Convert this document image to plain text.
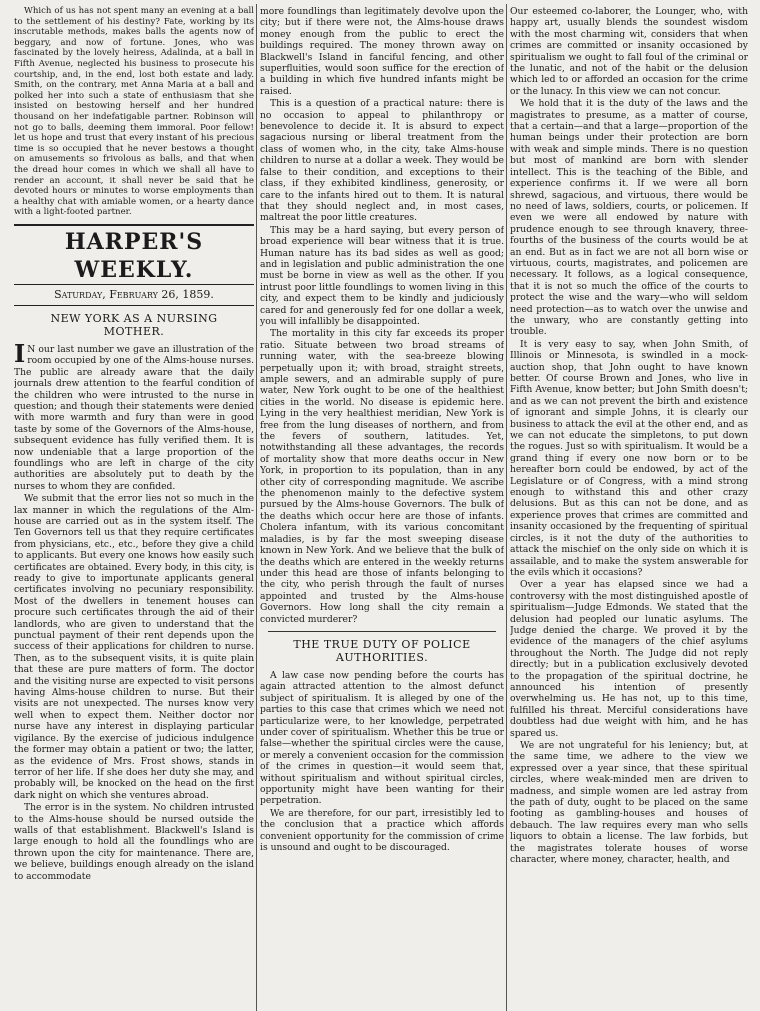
Which of us has not spent many an evening at a ball to the settlement of his destiny? Fate, working by its inscrutable methods, makes balls the agents now of beggary, and now of fortune. Jones, who was fascinated by the lovely heiress, Adalinda, at a ball in Fifth Avenue, neglected his business to prosecute his courtship, and, in the end, lost both estate and lady. Smith, on the contrary, met Anna Maria at a ball and polked her into such a state of enthusiasm that she insisted on bestowing herself and her hundred thousand on her indefatigable partner. Robinson will not go to balls, deeming them immoral. Poor fellow! let us hope and trust that every instant of his precious time is so occupied that he never bestows a thought on amusements so frivolous as balls, and that when the dread hour comes in which we shall all have to render an account, it shall never be said that he devoted hours or minutes to worse employments than a healthy chat with amiable women, or a hearty dance with a light-footed partner.

HARPER'S WEEKLY.
Saturday, February 26, 1859.
NEW YORK AS A NURSING
MOTHER.

I N our last number we gave an illustration of the room occupied by one of the Alms-house nurses. The public are already aware that the daily journals drew attention to the fearful condition of the children who were intrusted to the nurse in question; and though their statements were denied with more warmth and fury than were in good taste by some of the Governors of the Alms-house, subsequent evidence has fully verified them. It is now undeniable that a large proportion of the foundlings who are left in charge of the city authorities are absolutely put to death by the nurses to whom they are confided.

We submit that the error lies not so much in the lax manner in which the regulations of the Alm-house are carried out as in the system itself. The Ten Governors tell us that they require certificates from physicians, etc., etc., before they give a child to applicants. But every one knows how easily such certificates are obtained. Every body, in this city, is ready to give to importunate applicants general certificates involving no pecuniary responsibility. Most of the dwellers in tenement houses can procure such certificates through the aid of their landlords, who are given to understand that the punctual payment of their rent depends upon the success of their applications for children to nurse. Then, as to the subsequent visits, it is quite plain that these are pure matters of form. The doctor and the visiting nurse are expected to visit persons having Alms-house children to nurse. But their visits are not unexpected. The nurses know very well when to expect them. Neither doctor nor nurse have any interest in displaying particular vigilance. By the exercise of judicious indulgence the former may obtain a patient or two; the latter, as the evidence of Mrs. Frost shows, stands in terror of her life. If she does her duty she may, and probably will, be knocked on the head on the first dark night on which she ventures abroad.

The error is in the system. No children intrusted to the Alms-house should be nursed outside the walls of that establishment. Blackwell's Island is large enough to hold all the foundlings who are thrown upon the city for maintenance. There are, we believe, buildings enough already on the island to accommodate

more foundlings than legitimately devolve upon the city; but if there were not, the Alms-house draws money enough from the public to erect the buildings required. The money thrown away on Blackwell's Island in fanciful fencing, and other superfluities, would soon suffice for the erection of a building in which five hundred infants might be raised.

This is a question of a practical nature: there is no occasion to appeal to philanthropy or benevolence to decide it. It is absurd to expect sagacious nursing or liberal treatment from the class of women who, in the city, take Alms-house children to nurse at a dollar a week. They would be false to their condition, and exceptions to their class, if they exhibited kindliness, generosity, or care to the infants hired out to them. It is natural that they should neglect and, in most cases, maltreat the poor little creatures.

This may be a hard saying, but every person of broad experience will bear witness that it is true. Human nature has its bad sides as well as good; and in legislation and public administration the one must be borne in view as well as the other. If you intrust poor little foundlings to women living in this city, and expect them to be kindly and judiciously cared for and generously fed for one dollar a week, you will infallibly be disappointed.

The mortality in this city far exceeds its proper ratio. Situate between two broad streams of running water, with the sea-breeze blowing perpetually upon it; with broad, straight streets, ample sewers, and an admirable supply of pure water, New York ought to be one of the healthiest cities in the world. No disease is epidemic here. Lying in the very healthiest meridian, New York is free from the lung diseases of northern, and from the fevers of southern, latitudes. Yet, notwithstanding all these advantages, the records of mortality show that more deaths occur in New York, in proportion to its population, than in any other city of corresponding magnitude. We ascribe the phenomenon mainly to the defective system pursued by the Alms-house Governors. The bulk of the deaths which occur here are those of infants. Cholera infantum, with its various concomitant maladies, is by far the most sweeping disease known in New York. And we believe that the bulk of the deaths which are entered in the weekly returns under this head are those of infants belonging to the city, who perish through the fault of nurses appointed and trusted by the Alms-house Governors. How long shall the city remain a convicted murderer?

THE TRUE DUTY OF POLICE
AUTHORITIES.

A law case now pending before the courts has again attracted attention to the almost defunct subject of spiritualism. It is alleged by one of the parties to this case that crimes which we need not particularize were, to her knowledge, perpetrated under cover of spiritualism. Whether this be true or false—whether the spiritual circles were the cause, or merely a convenient occasion for the commission of the crimes in question—it would seem that, without spiritualism and without spiritual circles, opportunity might have been wanting for their perpetration.

We are therefore, for our part, irresistibly led to the conclusion that a practice which affords convenient opportunity for the commission of crime is unsound and ought to be discouraged.

Our esteemed co-laborer, the Lounger, who, with happy art, usually blends the soundest wisdom with the most charming wit, considers that when crimes are committed or insanity occasioned by spiritualism we ought to fall foul of the criminal or the lunatic, and not of the habit or the delusion which led to or afforded an occasion for the crime or the lunacy. In this view we can not concur.

We hold that it is the duty of the laws and the magistrates to presume, as a matter of course, that a certain—and that a large—proportion of the human beings under their protection are born with weak and simple minds. There is no question but most of mankind are born with slender intellect. This is the teaching of the Bible, and experience confirms it. If we were all born shrewd, sagacious, and virtuous, there would be no need of laws, soldiers, courts, or policemen. If even we were all endowed by nature with prudence enough to see through knavery, three-fourths of the business of the courts would be at an end. But as in fact we are not all born wise or virtuous, courts, magistrates, and policemen are necessary. It follows, as a logical consequence, that it is not so much the office of the courts to protect the wise and the wary—who will seldom need protection—as to watch over the unwise and the unwary, who are constantly getting into trouble.

It is very easy to say, when John Smith, of Illinois or Minnesota, is swindled in a mock-auction shop, that John ought to have known better. Of course Brown and Jones, who live in Fifth Avenue, know better; but John Smith doesn't; and as we can not prevent the birth and existence of ignorant and simple Johns, it is clearly our business to attack the evil at the other end, and as we can not educate the simpletons, to put down the rogues. Just so with spiritualism. It would be a grand thing if every one now born or to be hereafter born could be endowed, by act of the Legislature or of Congress, with a mind strong enough to withstand this and other crazy delusions. But as this can not be done, and as experience proves that crimes are committed and insanity occasioned by the frequenting of spiritual circles, is it not the duty of the authorities to attack the mischief on the only side on which it is assailable, and to make the system answerable for the evils which it occasions?

Over a year has elapsed since we had a controversy with the most distinguished apostle of spiritualism—Judge Edmonds. We stated that the delusion had peopled our lunatic asylums. The Judge denied the charge. We proved it by the evidence of the managers of the chief asylums throughout the North. The Judge did not reply directly; but in a publication exclusively devoted to the propagation of the spiritual doctrine, he announced his intention of presently overwhelming us. He has not, up to this time, fulfilled his threat. Merciful considerations have doubtless had due weight with him, and he has spared us.

We are not ungrateful for his leniency; but, at the same time, we adhere to the view we expressed over a year since, that these spiritual circles, where weak-minded men are driven to madness, and simple women are led astray from the path of duty, ought to be placed on the same footing as gambling-houses and houses of debauch. The law requires every man who sells liquors to obtain a license. The law forbids, but the magistrates tolerate houses of worse character, where money, character, health, and
